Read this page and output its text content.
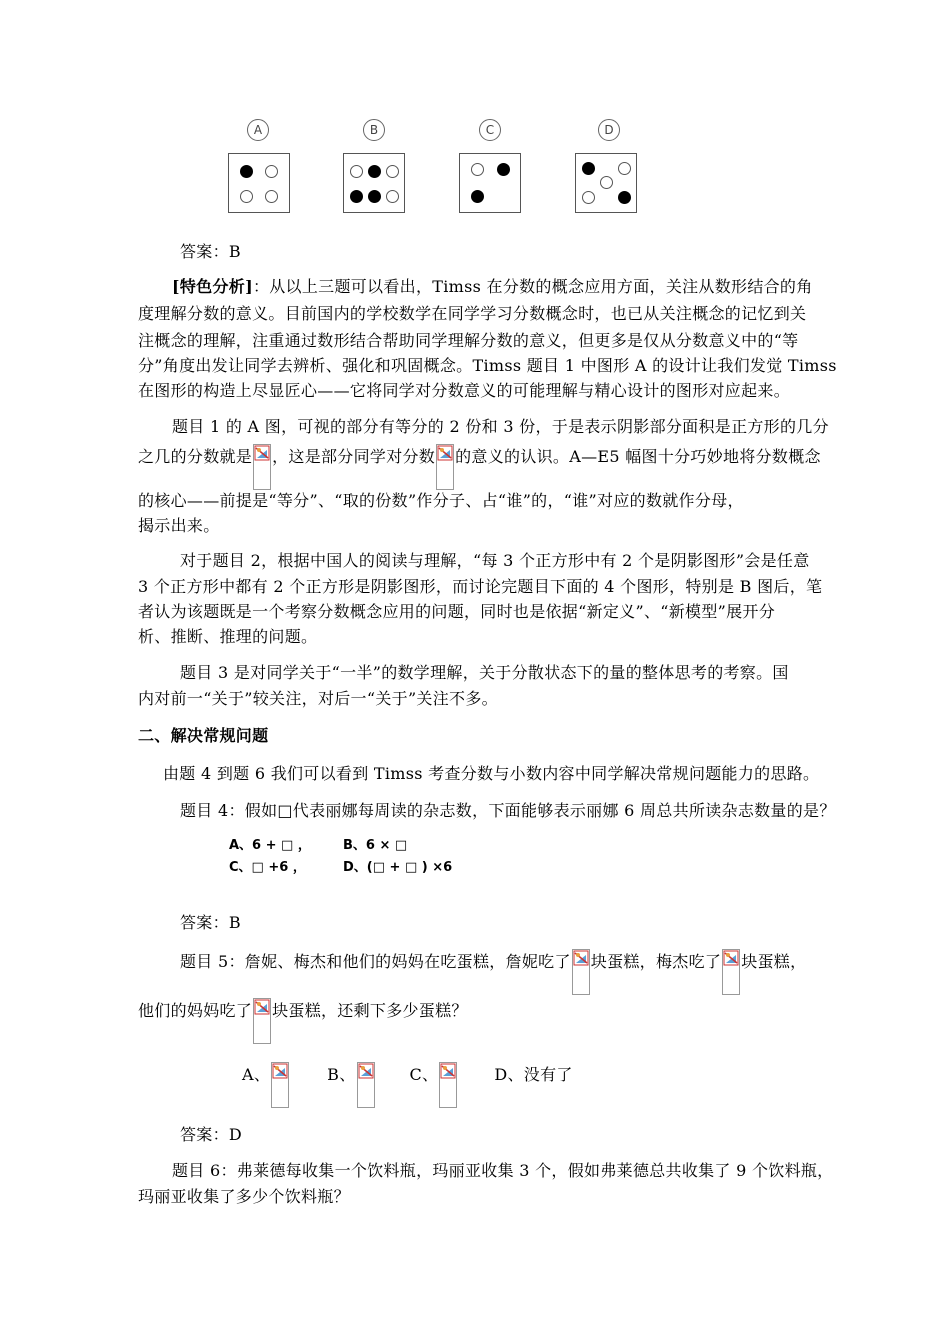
A	B	C	D
答案：B
[特色分析]：从以上三题可以看出，Timss 在分数的概念应用方面，关注从数形结合的角
度理解分数的意义。目前国内的学校数学在同学学习分数概念时，也已从关注概念的记忆到关
注概念的理解，注重通过数形结合帮助同学理解分数的意义，但更多是仅从分数意义中的“等
分”角度出发让同学去辨析、强化和巩固概念。Timss 题目 1 中图形 A 的设计让我们发觉 Timss
在图形的构造上尽显匠心——它将同学对分数意义的可能理解与精心设计的图形对应起来。
题目 1 的 A 图，可视的部分有等分的 2 份和 3 份，于是表示阴影部分面积是正方形的几分
之几的分数就是 ，这是部分同学对分数 的意义的认识。A—E5 幅图十分巧妙地将分数概念
的核心——前提是“等分”、“取的份数”作分子、占“谁”的，“谁”对应的数就作分母，
揭示出来。
对于题目 2，根据中国人的阅读与理解，“每 3 个正方形中有 2 个是阴影图形”会是任意
3 个正方形中都有 2 个正方形是阴影图形，而讨论完题目下面的 4 个图形，特别是 B 图后，笔
者认为该题既是一个考察分数概念应用的问题，同时也是依据“新定义”、“新模型”展开分
析、推断、推理的问题。
题目 3 是对同学关于“一半”的数学理解，关于分散状态下的量的整体思考的考察。国
内对前一“关于”较关注，对后一“关于”关注不多。
二、解决常规问题
由题 4 到题 6 我们可以看到 Timss 考查分数与小数内容中同学解决常规问题能力的思路。
题目 4：假如□代表丽娜每周读的杂志数，下面能够表示丽娜 6 周总共所读杂志数量的是？
A、6 + □ ， B、6 × □
C、□ +6 ，	D、(□ + □ ) ×6
答案：B
题目 5：詹妮、梅杰和他们的妈妈在吃蛋糕，詹妮吃了 块蛋糕，梅杰吃了 块蛋糕，
他们的妈妈吃了 块蛋糕，还剩下多少蛋糕？
A、	B、	C、	D、没有了
答案：D
题目 6：弗莱德每收集一个饮料瓶，玛丽亚收集 3 个，假如弗莱德总共收集了 9 个饮料瓶，
玛丽亚收集了多少个饮料瓶？
